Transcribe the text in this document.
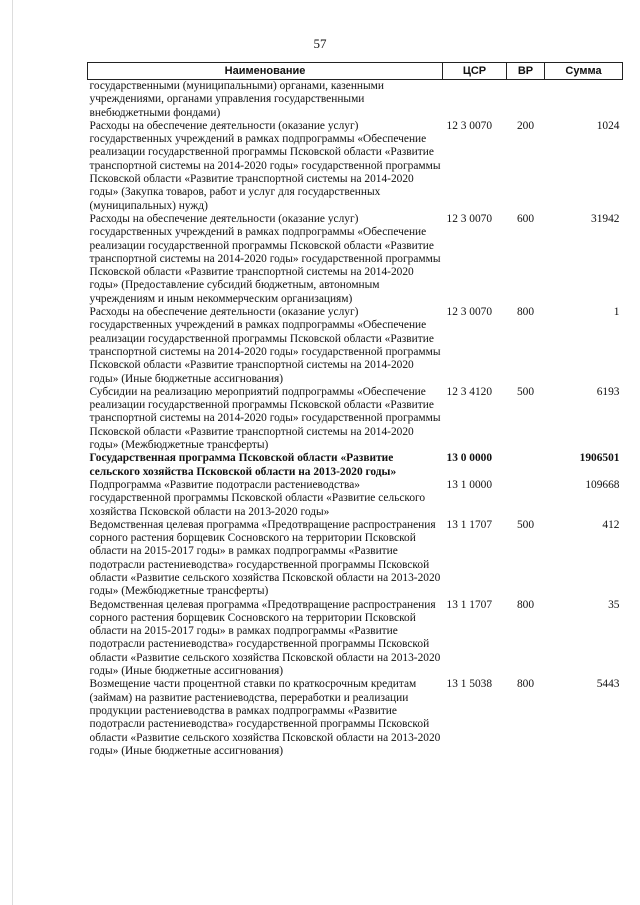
57
Наименование	ЦСР	ВР	Сумма
государственными (муниципальными) органами, казенными учреждениями, органами управления государственными внебюджетными фондами)			
Расходы на обеспечение деятельности (оказание услуг) государственных учреждений в рамках подпрограммы «Обеспечение реализации государственной программы Псковской области «Развитие транспортной системы на 2014-2020 годы» государственной программы Псковской области «Развитие транспортной системы на 2014-2020 годы» (Закупка товаров, работ и услуг для государственных (муниципальных) нужд)	12 3 0070	200	1024
Расходы на обеспечение деятельности (оказание услуг) государственных учреждений в рамках подпрограммы «Обеспечение реализации государственной программы Псковской области «Развитие транспортной системы на 2014-2020 годы» государственной программы Псковской области «Развитие транспортной системы на 2014-2020 годы» (Предоставление субсидий бюджетным, автономным учреждениям и иным некоммерческим организациям)	12 3 0070	600	31942
Расходы на обеспечение деятельности (оказание услуг) государственных учреждений в рамках подпрограммы «Обеспечение реализации государственной программы Псковской области «Развитие транспортной системы на 2014-2020 годы» государственной программы Псковской области «Развитие транспортной системы на 2014-2020 годы» (Иные бюджетные ассигнования)	12 3 0070	800	1
Субсидии на реализацию мероприятий подпрограммы «Обеспечение реализации государственной программы Псковской области «Развитие транспортной системы на 2014-2020 годы» государственной программы Псковской области «Развитие транспортной системы на 2014-2020 годы» (Межбюджетные трансферты)	12 3 4120	500	6193
Государственная программа Псковской области «Развитие сельского хозяйства Псковской области на 2013-2020 годы»	13 0 0000		1906501
Подпрограмма «Развитие подотрасли растениеводства» государственной программы Псковской области «Развитие сельского хозяйства Псковской области на 2013-2020 годы»	13 1 0000		109668
Ведомственная целевая программа «Предотвращение распространения сорного растения борщевик Сосновского на территории Псковской области на 2015-2017 годы» в рамках подпрограммы «Развитие подотрасли растениеводства» государственной программы Псковской области «Развитие сельского хозяйства Псковской области на 2013-2020 годы» (Межбюджетные трансферты)	13 1 1707	500	412
Ведомственная целевая программа «Предотвращение распространения сорного растения борщевик Сосновского на территории Псковской области на 2015-2017 годы» в рамках подпрограммы «Развитие подотрасли растениеводства» государственной программы Псковской области «Развитие сельского хозяйства Псковской области на 2013-2020 годы» (Иные бюджетные ассигнования)	13 1 1707	800	35
Возмещение части процентной ставки по краткосрочным кредитам (займам) на развитие растениеводства, переработки и реализации продукции растениеводства в рамках подпрограммы «Развитие подотрасли растениеводства» государственной программы Псковской области «Развитие сельского хозяйства Псковской области на 2013-2020 годы» (Иные бюджетные ассигнования)	13 1 5038	800	5443
